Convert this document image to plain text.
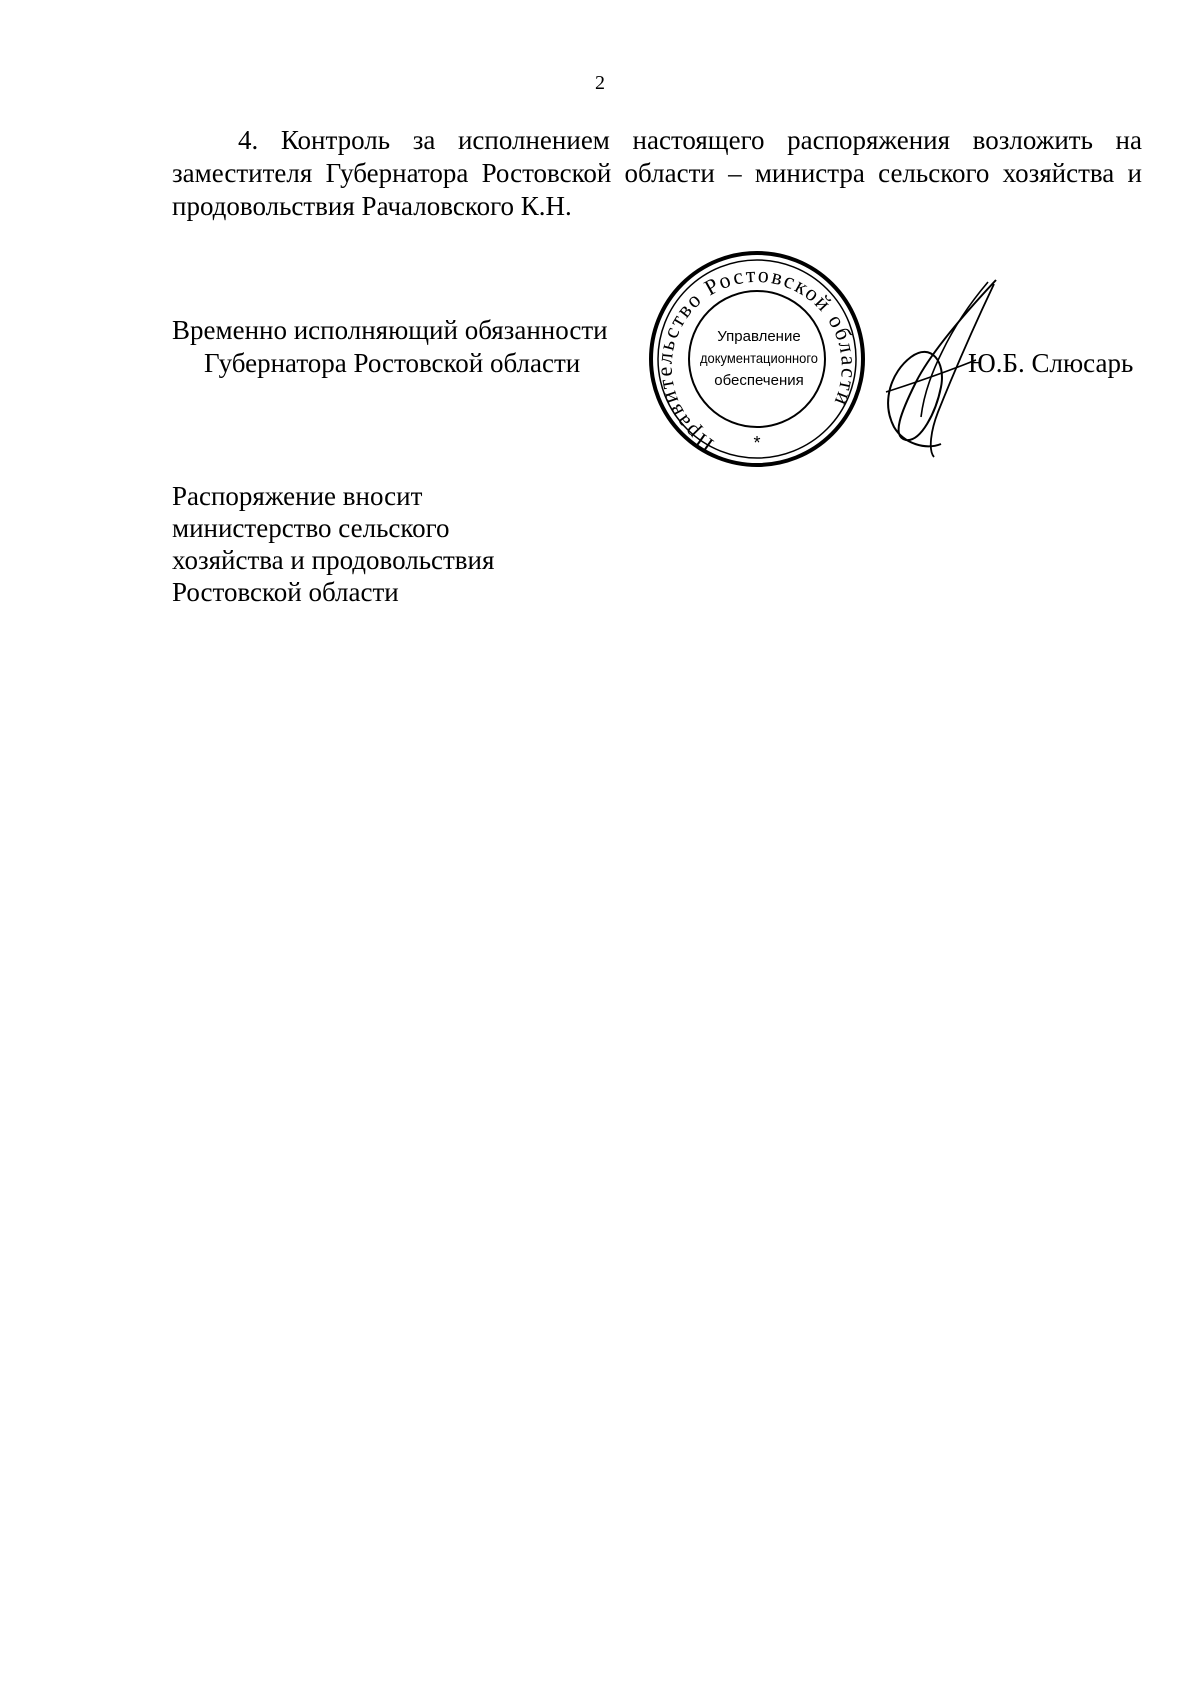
2
4. Контроль за исполнением настоящего распоряжения возложить на заместителя Губернатора Ростовской области – министра сельского хозяйства и продовольствия Рачаловского К.Н.
Временно исполняющий обязанности
Губернатора Ростовской области
Правительство Ростовской области
Управление
документационного
обеспечения
*
Ю.Б. Слюсарь
Распоряжение вносит
министерство сельского
хозяйства и продовольствия
Ростовской области
